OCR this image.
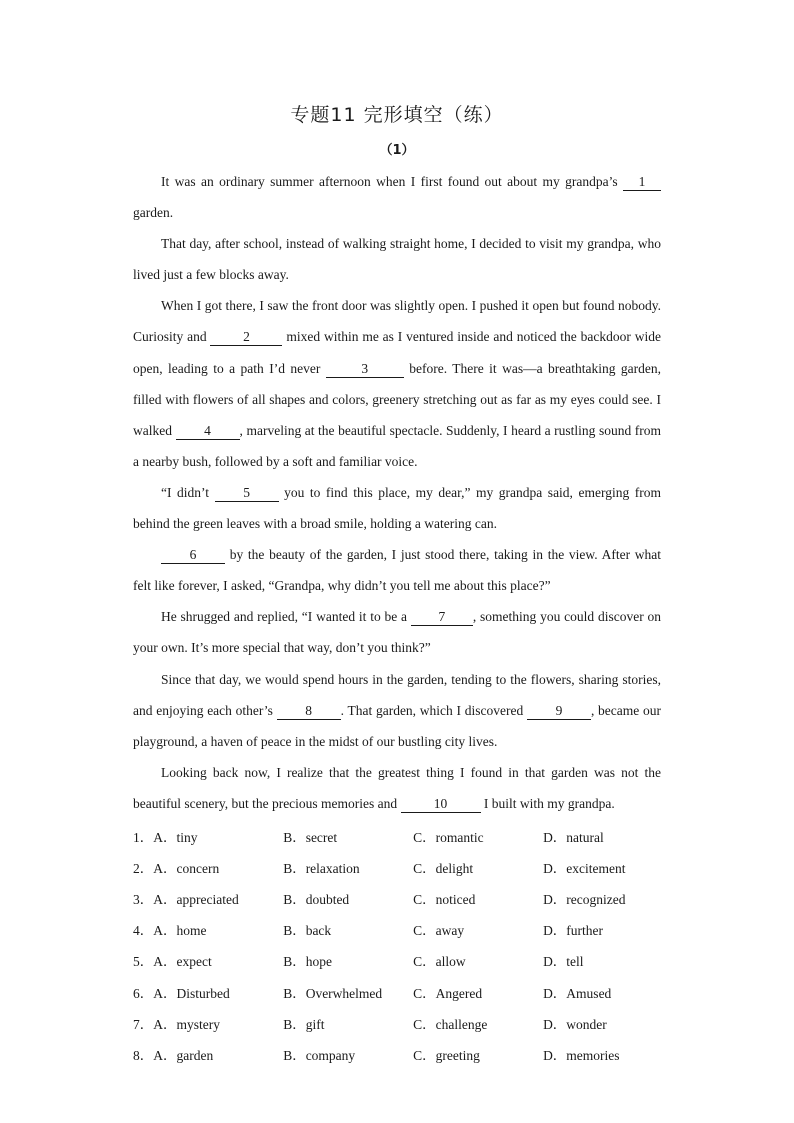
专题11 完形填空（练）
（1）

It was an ordinary summer afternoon when I first found out about my grandpa’s 1 garden.

That day, after school, instead of walking straight home, I decided to visit my grandpa, who lived just a few blocks away.

When I got there, I saw the front door was slightly open. I pushed it open but found nobody. Curiosity and 2 mixed within me as I ventured inside and noticed the backdoor wide open, leading to a path I’d never	3	before. There it was—a breathtaking garden, filled with flowers of all shapes and colors, greenery stretching out as far as my eyes could see. I walked 4 , marveling at the beautiful spectacle. Suddenly, I heard a rustling sound from a nearby bush, followed by a soft and familiar voice.

“I didn’t 5 you to find this place, my dear,” my grandpa said, emerging from behind the green leaves with a broad smile, holding a watering can.

6 by the beauty of the garden, I just stood there, taking in the view. After what felt like forever, I asked, “Grandpa, why didn’t you tell me about this place?”

He shrugged and replied, “I wanted it to be a 7 , something you could discover on your own. It’s more special that way, don’t you think?”

Since that day, we would spend hours in the garden, tending to the flowers, sharing stories, and enjoying each other’s 8 . That garden, which I discovered 9 , became our playground, a haven of peace in the midst of our bustling city lives.

Looking back now, I realize that the greatest thing I found in that garden was not the beautiful scenery, but the precious memories and 10 I built with my grandpa.

1． A．tiny	B．secret	C．romantic	D．natural
2． A．concern	B．relaxation	C．delight	D．excitement
3． A．appreciated	B．doubted	C．noticed	D．recognized
4． A．home	B．back	C．away	D．further
5． A．expect	B．hope	C．allow	D．tell
6． A．Disturbed	B．Overwhelmed	C．Angered	D．Amused
7． A．mystery	B．gift	C．challenge	D．wonder
8． A．garden	B．company	C．greeting	D．memories
